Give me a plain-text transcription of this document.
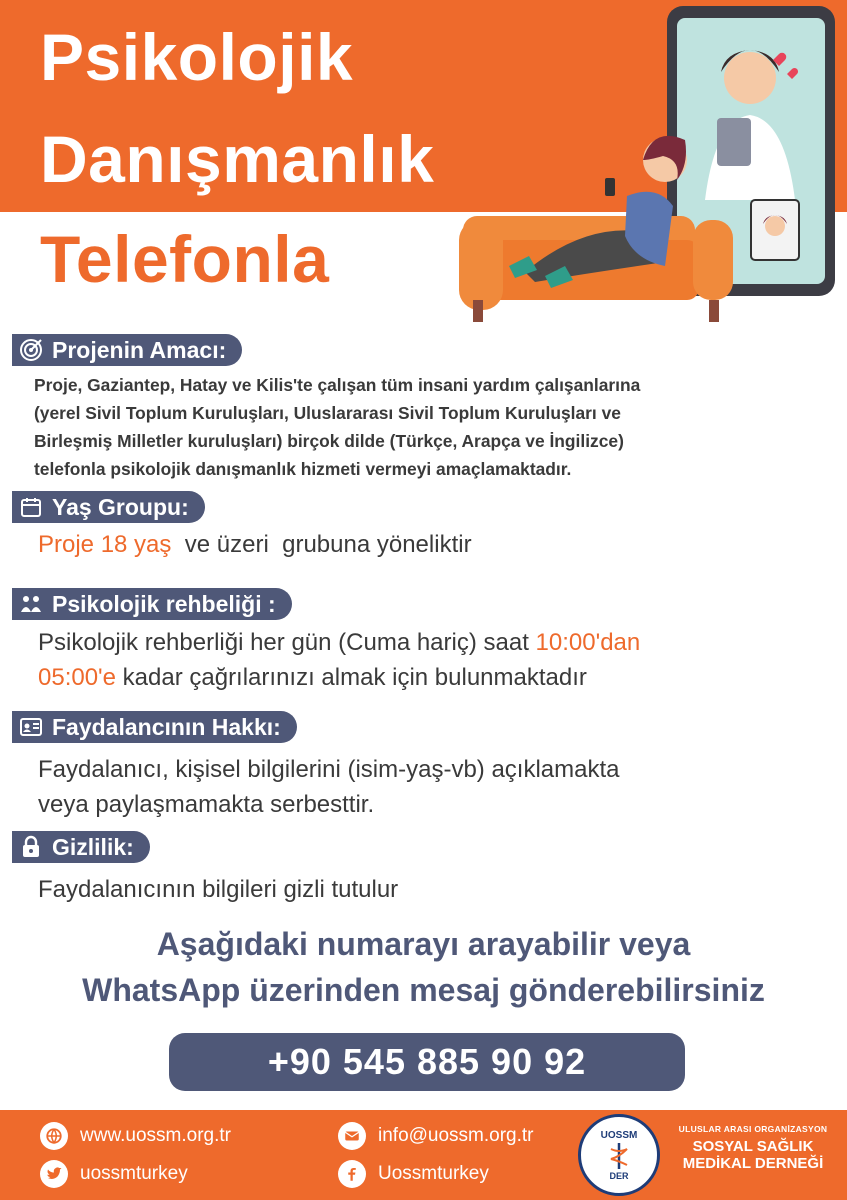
Psikolojik
Danışmanlık
Telefonla
Projenin Amacı:
Proje, Gaziantep, Hatay ve Kilis'te çalışan tüm insani yardım çalışanlarına
(yerel Sivil Toplum Kuruluşları, Uluslararası Sivil Toplum Kuruluşları ve
Birleşmiş Milletler kuruluşları) birçok dilde (Türkçe, Arapça ve İngilizce)
telefonla psikolojik danışmanlık hizmeti vermeyi amaçlamaktadır.
Yaş Groupu:
Proje 18 yaş  ve üzeri  grubuna yöneliktir
Psikolojik rehbeliği :
Psikolojik rehberliği her gün (Cuma hariç) saat 10:00'dan
05:00'e kadar çağrılarınızı almak için bulunmaktadır
Faydalancının Hakkı:
Faydalanıcı, kişisel bilgilerini (isim-yaş-vb) açıklamakta
veya paylaşmamakta serbesttir.
Gizlilik:
Faydalanıcının bilgileri gizli tutulur
Aşağıdaki numarayı arayabilir veya
WhatsApp üzerinden mesaj gönderebilirsiniz
+90 545 885 90 92
www.uossm.org.tr
uossmturkey
info@uossm.org.tr
Uossmturkey
UOSSM
DER
ULUSLAR ARASI ORGANİZASYON
SOSYAL SAĞLIK
MEDİKAL DERNEĞİ
